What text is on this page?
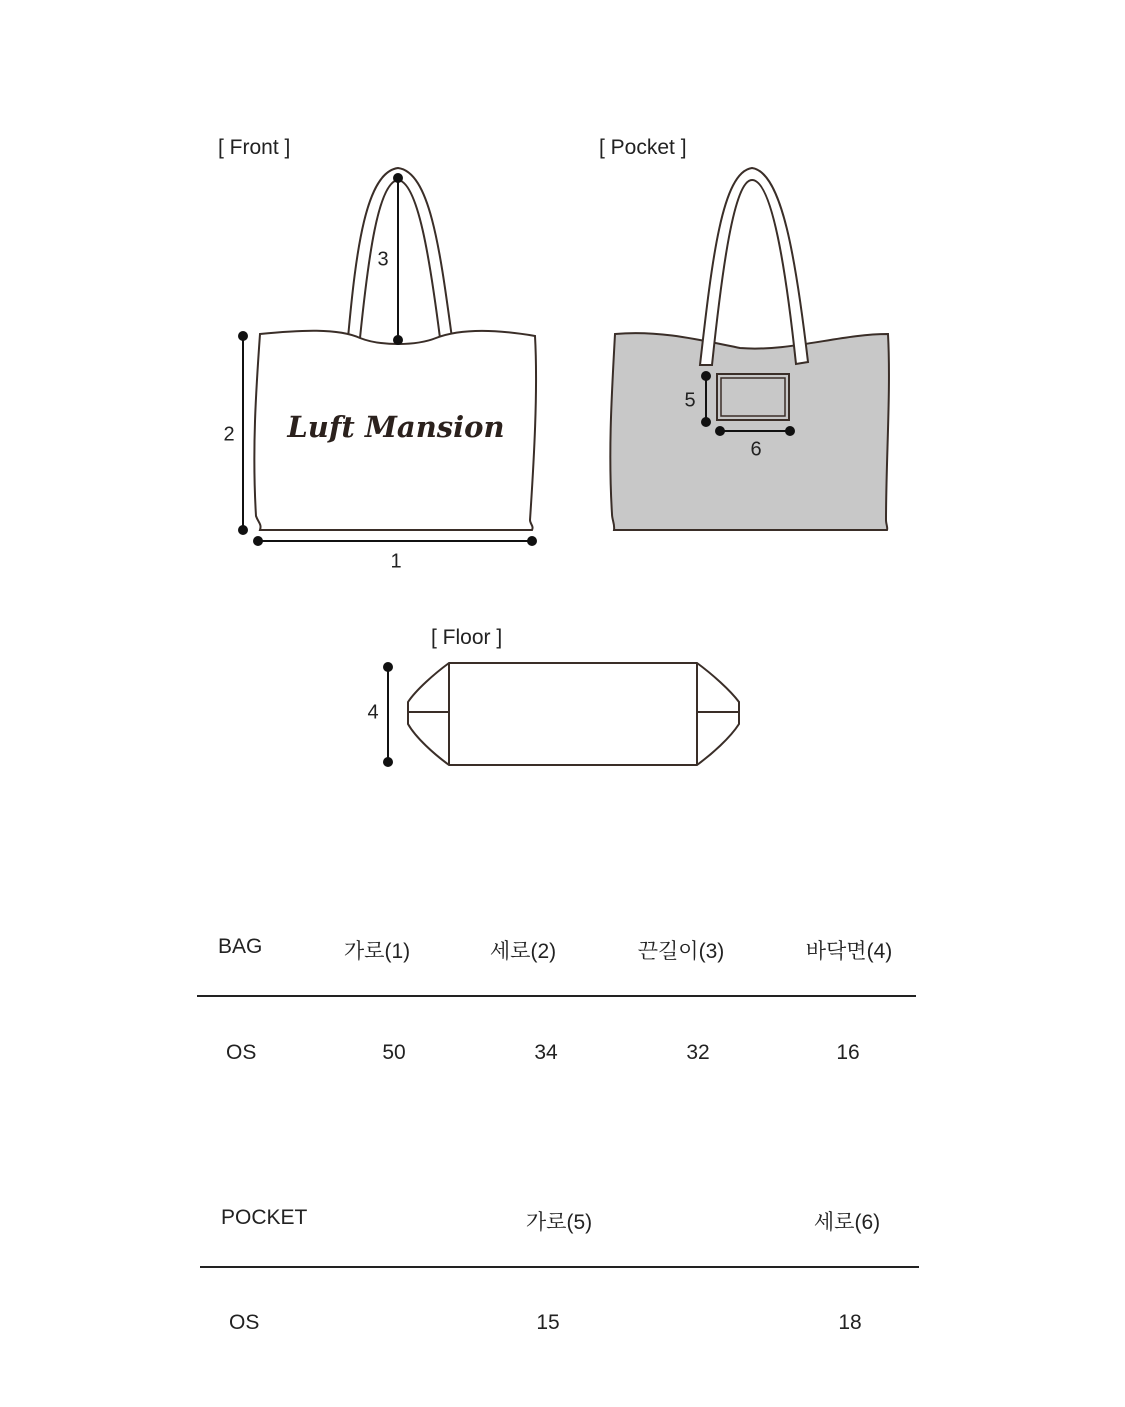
[ Front ]	[ Pocket ]
[ Floor ]
Luft Mansion
3
2
1
5
6
4
BAG	가로(1)	세로(2)	끈길이(3)	바닥면(4)
OS	50	34	32	16
POCKET	가로(5)	세로(6)
OS	15	18
